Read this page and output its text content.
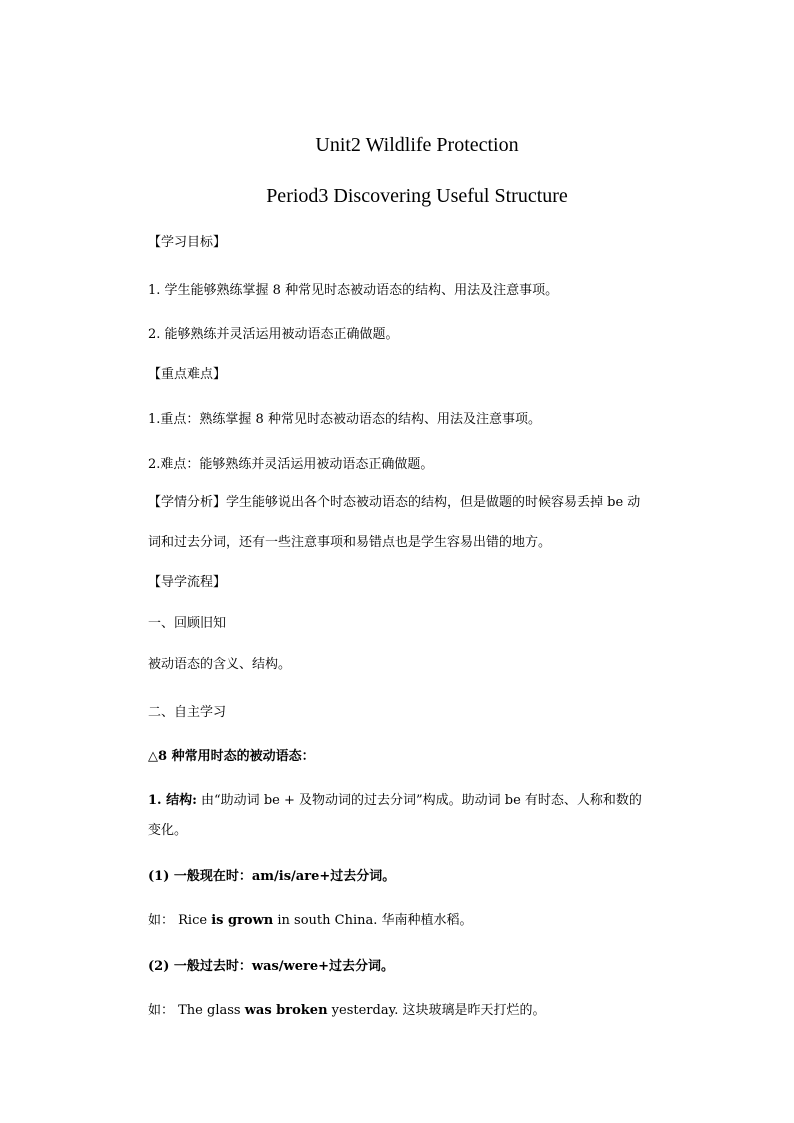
Unit2 Wildlife Protection
Period3 Discovering Useful Structure
【学习目标】
1. 学生能够熟练掌握 8 种常见时态被动语态的结构、用法及注意事项。
2. 能够熟练并灵活运用被动语态正确做题。
【重点难点】
1.重点：熟练掌握 8 种常见时态被动语态的结构、用法及注意事项。
2.难点：能够熟练并灵活运用被动语态正确做题。
【学情分析】学生能够说出各个时态被动语态的结构，但是做题的时候容易丢掉 be 动
词和过去分词，还有一些注意事项和易错点也是学生容易出错的地方。
【导学流程】
一、回顾旧知
被动语态的含义、结构。
二、自主学习
△8 种常用时态的被动语态：
1. 结构: 由“助动词 be + 及物动词的过去分词”构成。助动词 be 有时态、人称和数的
变化。
(1) 一般现在时：am/is/are+过去分词。
如： Rice is grown in south China. 华南种植水稻。
(2) 一般过去时：was/were+过去分词。
如： The glass was broken yesterday. 这块玻璃是昨天打烂的。
